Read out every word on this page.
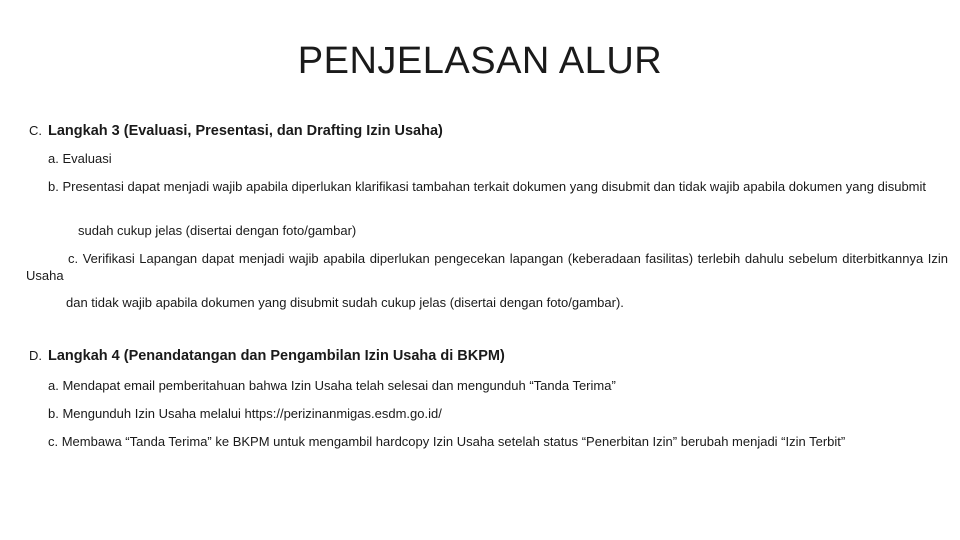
PENJELASAN ALUR
C. Langkah 3 (Evaluasi, Presentasi, dan Drafting Izin Usaha)
a. Evaluasi
b. Presentasi dapat menjadi wajib apabila diperlukan klarifikasi tambahan terkait dokumen yang disubmit dan tidak wajib apabila dokumen yang disubmit
sudah cukup jelas (disertai dengan foto/gambar)
c. Verifikasi Lapangan dapat menjadi wajib apabila diperlukan pengecekan lapangan (keberadaan fasilitas) terlebih dahulu sebelum diterbitkannya Izin Usaha
dan tidak wajib apabila dokumen yang disubmit sudah cukup jelas (disertai dengan foto/gambar).
D. Langkah 4 (Penandatangan dan Pengambilan Izin Usaha di BKPM)
a. Mendapat email pemberitahuan bahwa Izin Usaha telah selesai dan mengunduh “Tanda Terima”
b. Mengunduh Izin Usaha melalui https://perizinanmigas.esdm.go.id/
c. Membawa “Tanda Terima” ke BKPM untuk mengambil hardcopy Izin Usaha setelah status “Penerbitan Izin” berubah menjadi “Izin Terbit”
